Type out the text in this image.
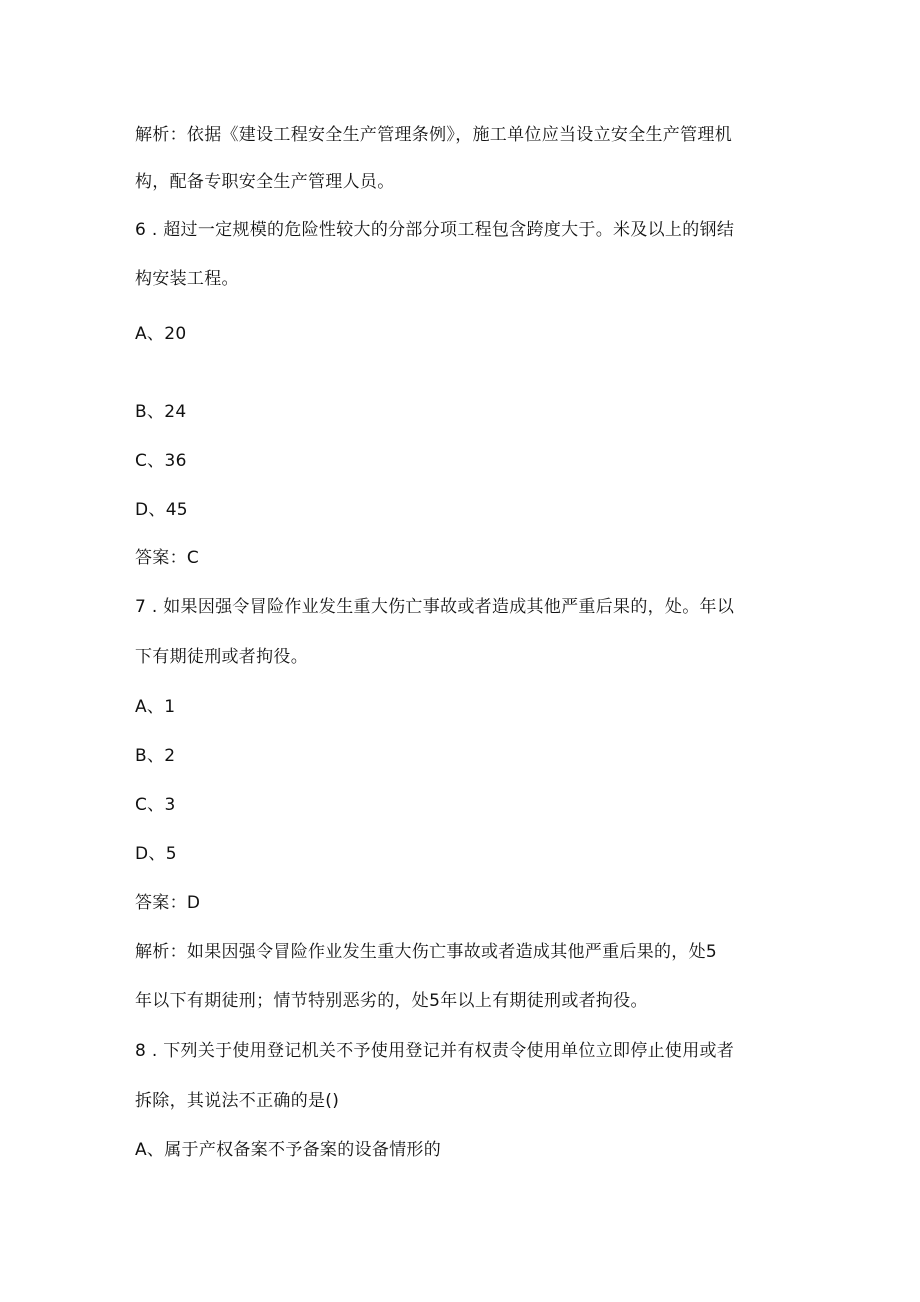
解析：依据《建设工程安全生产管理条例》，施工单位应当设立安全生产管理机
构，配备专职安全生产管理人员。
6 . 超过一定规模的危险性较大的分部分项工程包含跨度大于。米及以上的钢结
构安装工程。
A、20
B、24
C、36
D、45
答案：C
7 . 如果因强令冒险作业发生重大伤亡事故或者造成其他严重后果的，处。年以
下有期徒刑或者拘役。
A、1
B、2
C、3
D、5
答案：D
解析：如果因强令冒险作业发生重大伤亡事故或者造成其他严重后果的，处5
年以下有期徒刑；情节特别恶劣的，处5年以上有期徒刑或者拘役。
8 . 下列关于使用登记机关不予使用登记并有权责令使用单位立即停止使用或者
拆除，其说法不正确的是()
A、属于产权备案不予备案的设备情形的
